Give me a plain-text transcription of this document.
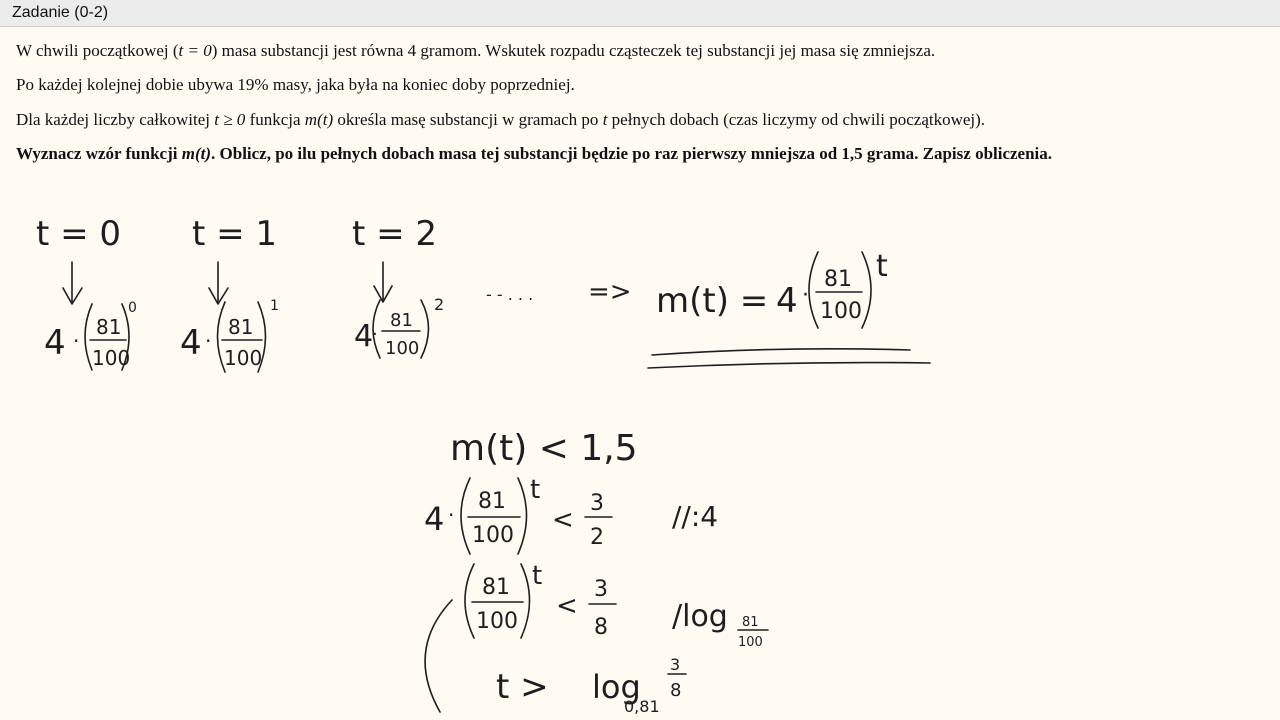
Zadanie (0-2)
W chwili początkowej (t = 0) masa substancji jest równa 4 gramom. Wskutek rozpadu cząsteczek tej substancji jej masa się zmniejsza.
Po każdej kolejnej dobie ubywa 19% masy, jaka była na koniec doby poprzedniej.
Dla każdej liczby całkowitej t ≥ 0 funkcja m(t) określa masę substancji w gramach po t pełnych dobach (czas liczymy od chwili początkowej).
Wyznacz wzór funkcji m(t). Oblicz, po ilu pełnych dobach masa tej substancji będzie po raz pierwszy mniejsza od 1,5 grama. Zapisz obliczenia.
t = 0 t = 1 t = 2
4 ·
81
100
0
4 ·
81
100
1
4
·
81
100
2
- - . . . => m(t) = 4 ·
81
100
t
m(t) < 1,5
4 ·
81
100
t
<
3
2
//:4
81
100
t
<
3
8 /log 81
100
t > log
0,81
3
8
